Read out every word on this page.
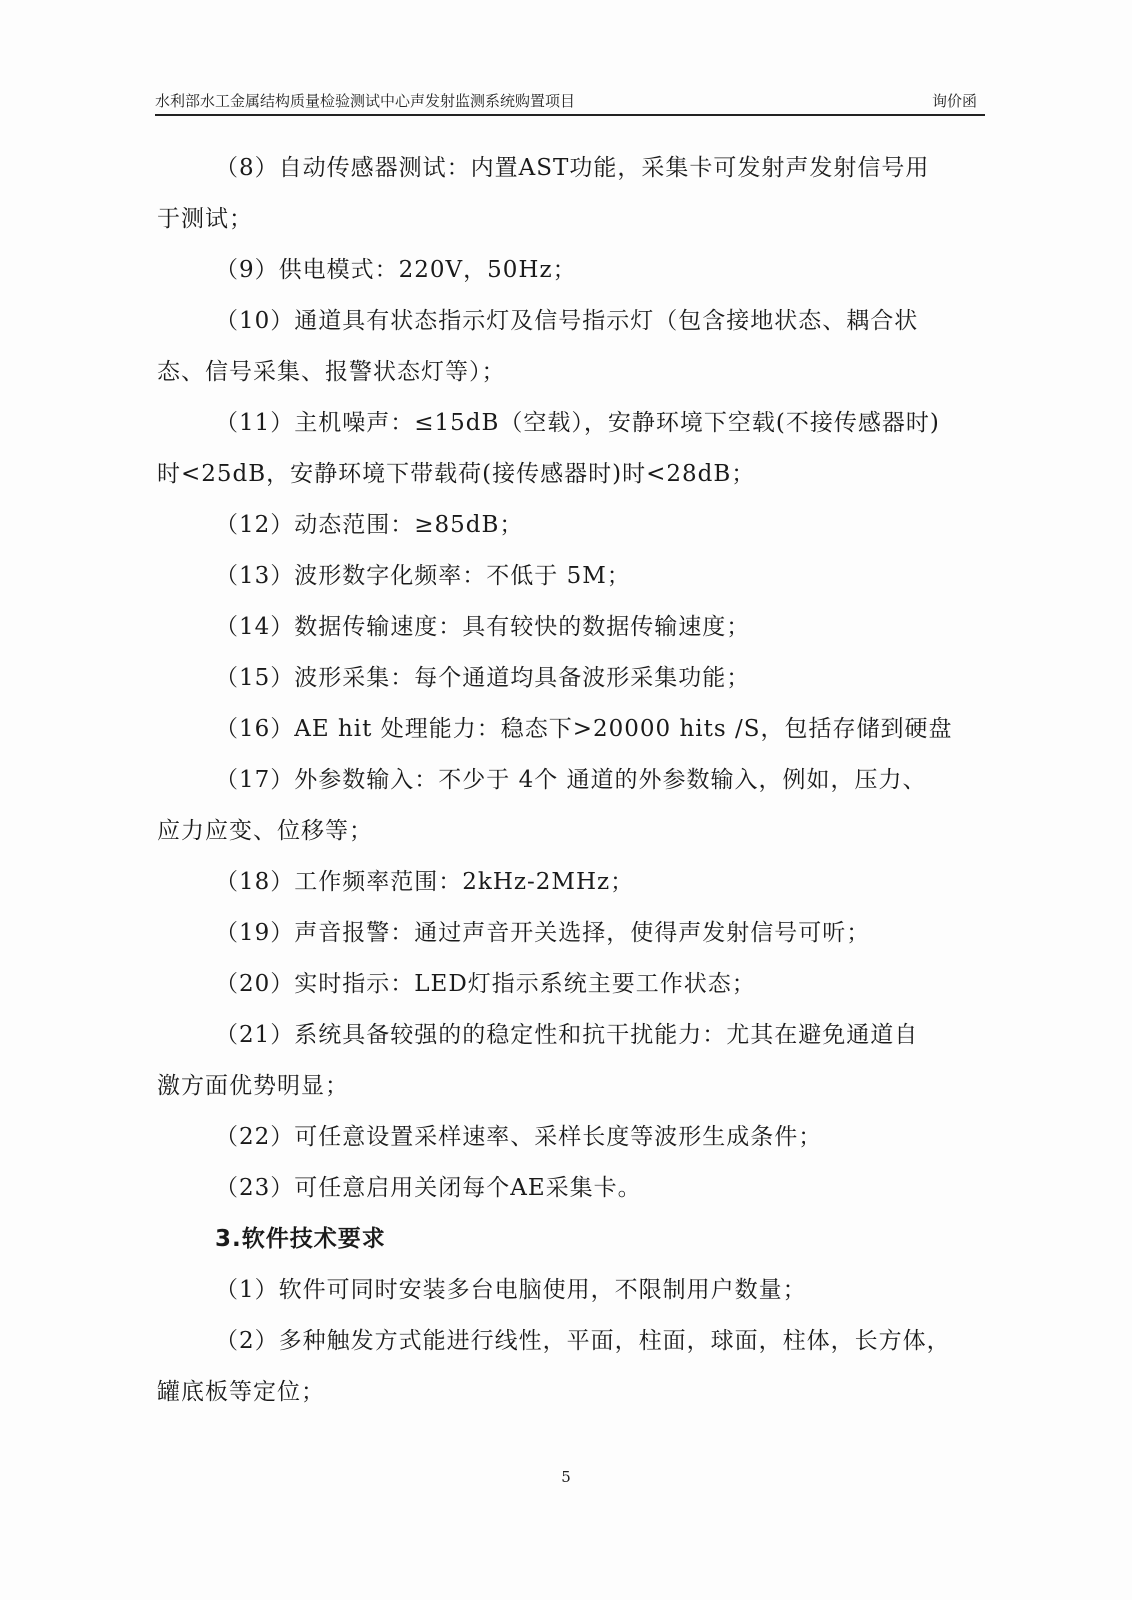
水利部水工金属结构质量检验测试中心声发射监测系统购置项目	询价函
（8）自动传感器测试：内置AST功能，采集卡可发射声发射信号用
于测试；
（9）供电模式：220V，50Hz；
（10）通道具有状态指示灯及信号指示灯（包含接地状态、耦合状
态、信号采集、报警状态灯等）；
（11）主机噪声：≤15dB（空载），安静环境下空载(不接传感器时)
时<25dB，安静环境下带载荷(接传感器时)时<28dB；
（12）动态范围：≥85dB；
（13）波形数字化频率：不低于 5M；
（14）数据传输速度：具有较快的数据传输速度；
（15）波形采集：每个通道均具备波形采集功能；
（16）AE hit 处理能力：稳态下>20000 hits /S，包括存储到硬盘
（17）外参数输入：不少于 4个 通道的外参数输入，例如，压力、
应力应变、位移等；
（18）工作频率范围：2kHz-2MHz；
（19）声音报警：通过声音开关选择，使得声发射信号可听；
（20）实时指示：LED灯指示系统主要工作状态；
（21）系统具备较强的的稳定性和抗干扰能力：尤其在避免通道自
激方面优势明显；
（22）可任意设置采样速率、采样长度等波形生成条件；
（23）可任意启用关闭每个AE采集卡。
3.软件技术要求
（1）软件可同时安装多台电脑使用，不限制用户数量；
（2）多种触发方式能进行线性，平面，柱面，球面，柱体，长方体，
罐底板等定位；
5
